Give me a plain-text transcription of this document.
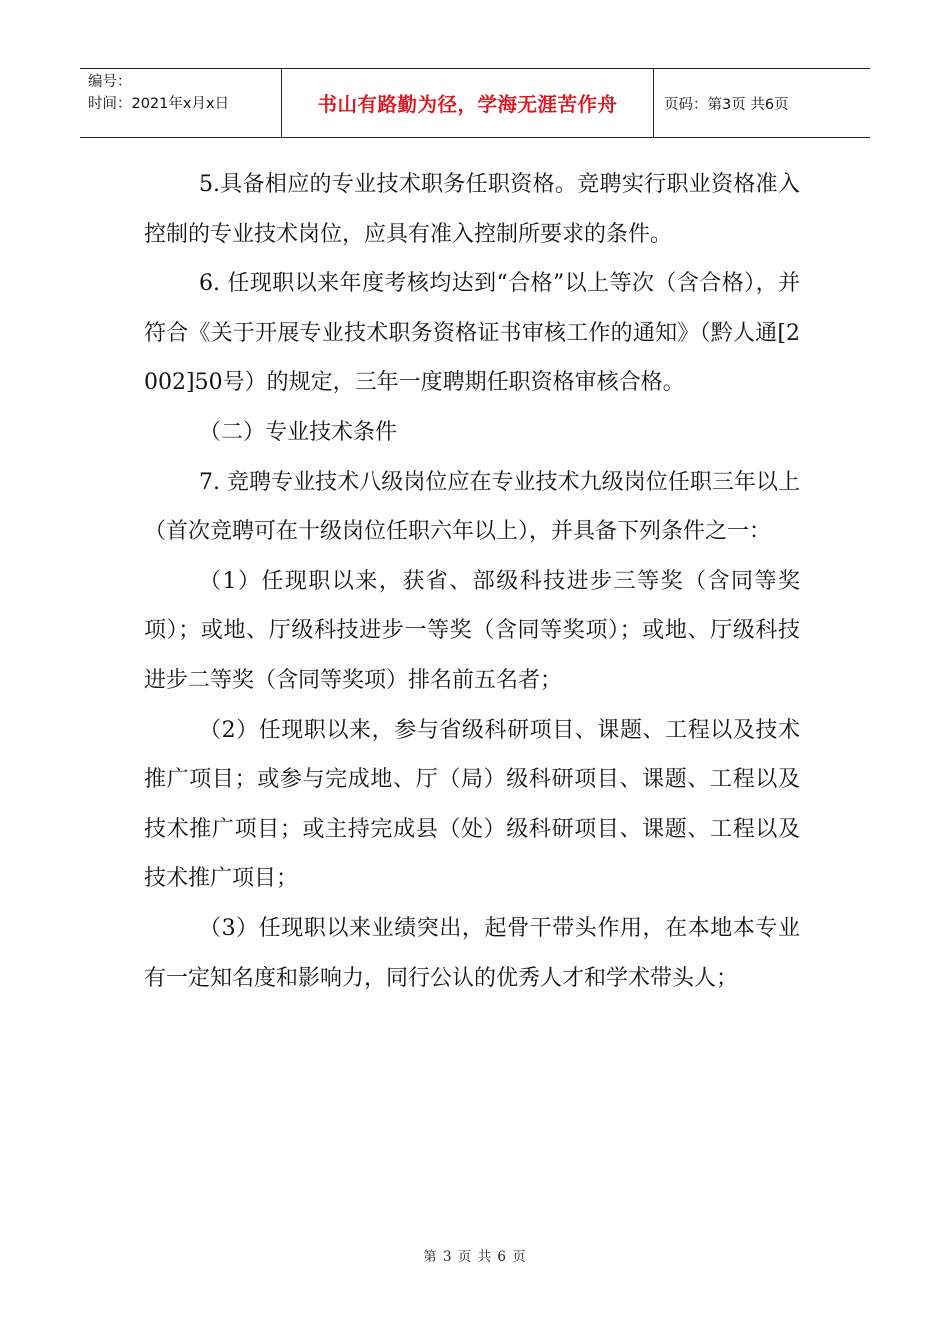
编号：
时间：2021年x月x日	书山有路勤为径，学海无涯苦作舟	页码：第3页 共6页

5.具备相应的专业技术职务任职资格。竞聘实行职业资格准入控制的专业技术岗位，应具有准入控制所要求的条件。

6. 任现职以来年度考核均达到“合格”以上等次（含合格），并符合《关于开展专业技术职务资格证书审核工作的通知》（黔人通[2002]50号）的规定，三年一度聘期任职资格审核合格。

（二）专业技术条件

7. 竞聘专业技术八级岗位应在专业技术九级岗位任职三年以上（首次竞聘可在十级岗位任职六年以上），并具备下列条件之一：

（1）任现职以来，获省、部级科技进步三等奖（含同等奖项）；或地、厅级科技进步一等奖（含同等奖项）；或地、厅级科技进步二等奖（含同等奖项）排名前五名者；

（2）任现职以来，参与省级科研项目、课题、工程以及技术推广项目；或参与完成地、厅（局）级科研项目、课题、工程以及技术推广项目；或主持完成县（处）级科研项目、课题、工程以及技术推广项目；

（3）任现职以来业绩突出，起骨干带头作用，在本地本专业有一定知名度和影响力，同行公认的优秀人才和学术带头人；

第 3 页 共 6 页
